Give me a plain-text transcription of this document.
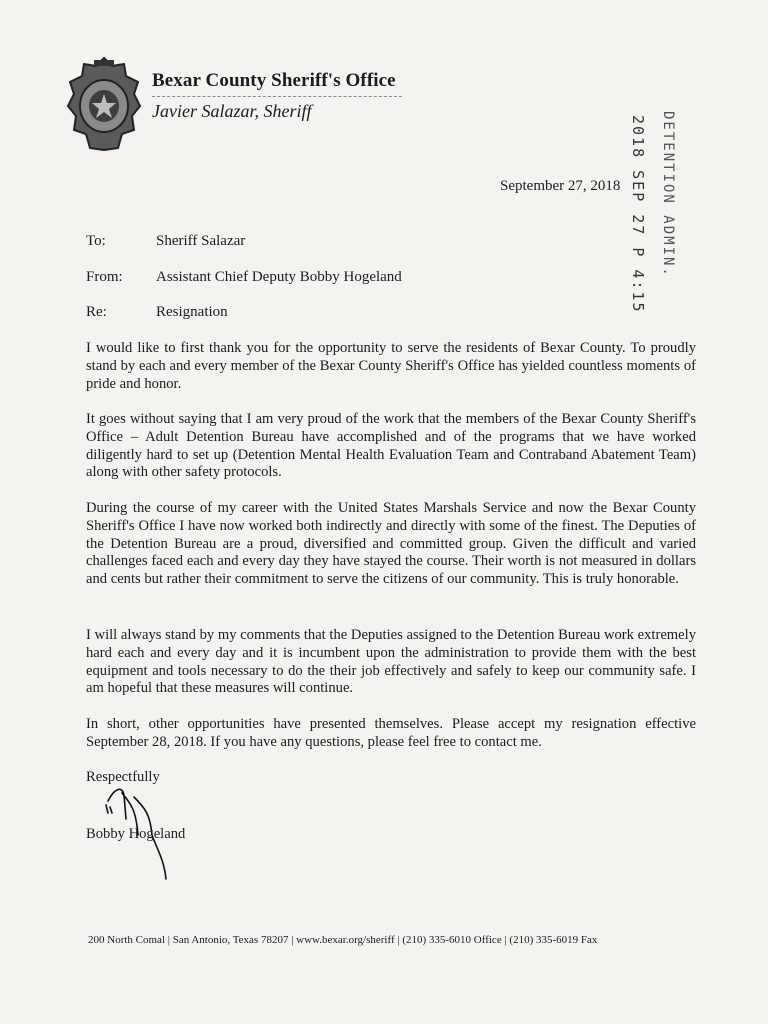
Bexar County Sheriff's Office
Javier Salazar, Sheriff
2018 SEP 27 P 4:15 DETENTION ADMIN.
September 27, 2018
To:	Sheriff Salazar
From: Assistant Chief Deputy Bobby Hogeland
Re:	Resignation
I would like to first thank you for the opportunity to serve the residents of Bexar County. To proudly stand by each and every member of the Bexar County Sheriff's Office has yielded countless moments of pride and honor.
It goes without saying that I am very proud of the work that the members of the Bexar County Sheriff's Office – Adult Detention Bureau have accomplished and of the programs that we have worked diligently hard to set up (Detention Mental Health Evaluation Team and Contraband Abatement Team) along with other safety protocols.
During the course of my career with the United States Marshals Service and now the Bexar County Sheriff's Office I have now worked both indirectly and directly with some of the finest. The Deputies of the Detention Bureau are a proud, diversified and committed group. Given the difficult and varied challenges faced each and every day they have stayed the course. Their worth is not measured in dollars and cents but rather their commitment to serve the citizens of our community. This is truly honorable.
I will always stand by my comments that the Deputies assigned to the Detention Bureau work extremely hard each and every day and it is incumbent upon the administration to provide them with the best equipment and tools necessary to do the their job effectively and safely to keep our community safe. I am hopeful that these measures will continue.
In short, other opportunities have presented themselves. Please accept my resignation effective September 28, 2018. If you have any questions, please feel free to contact me.
Respectfully
Bobby Hogeland
200 North Comal | San Antonio, Texas 78207 | www.bexar.org/sheriff | (210) 335-6010 Office | (210) 335-6019 Fax
